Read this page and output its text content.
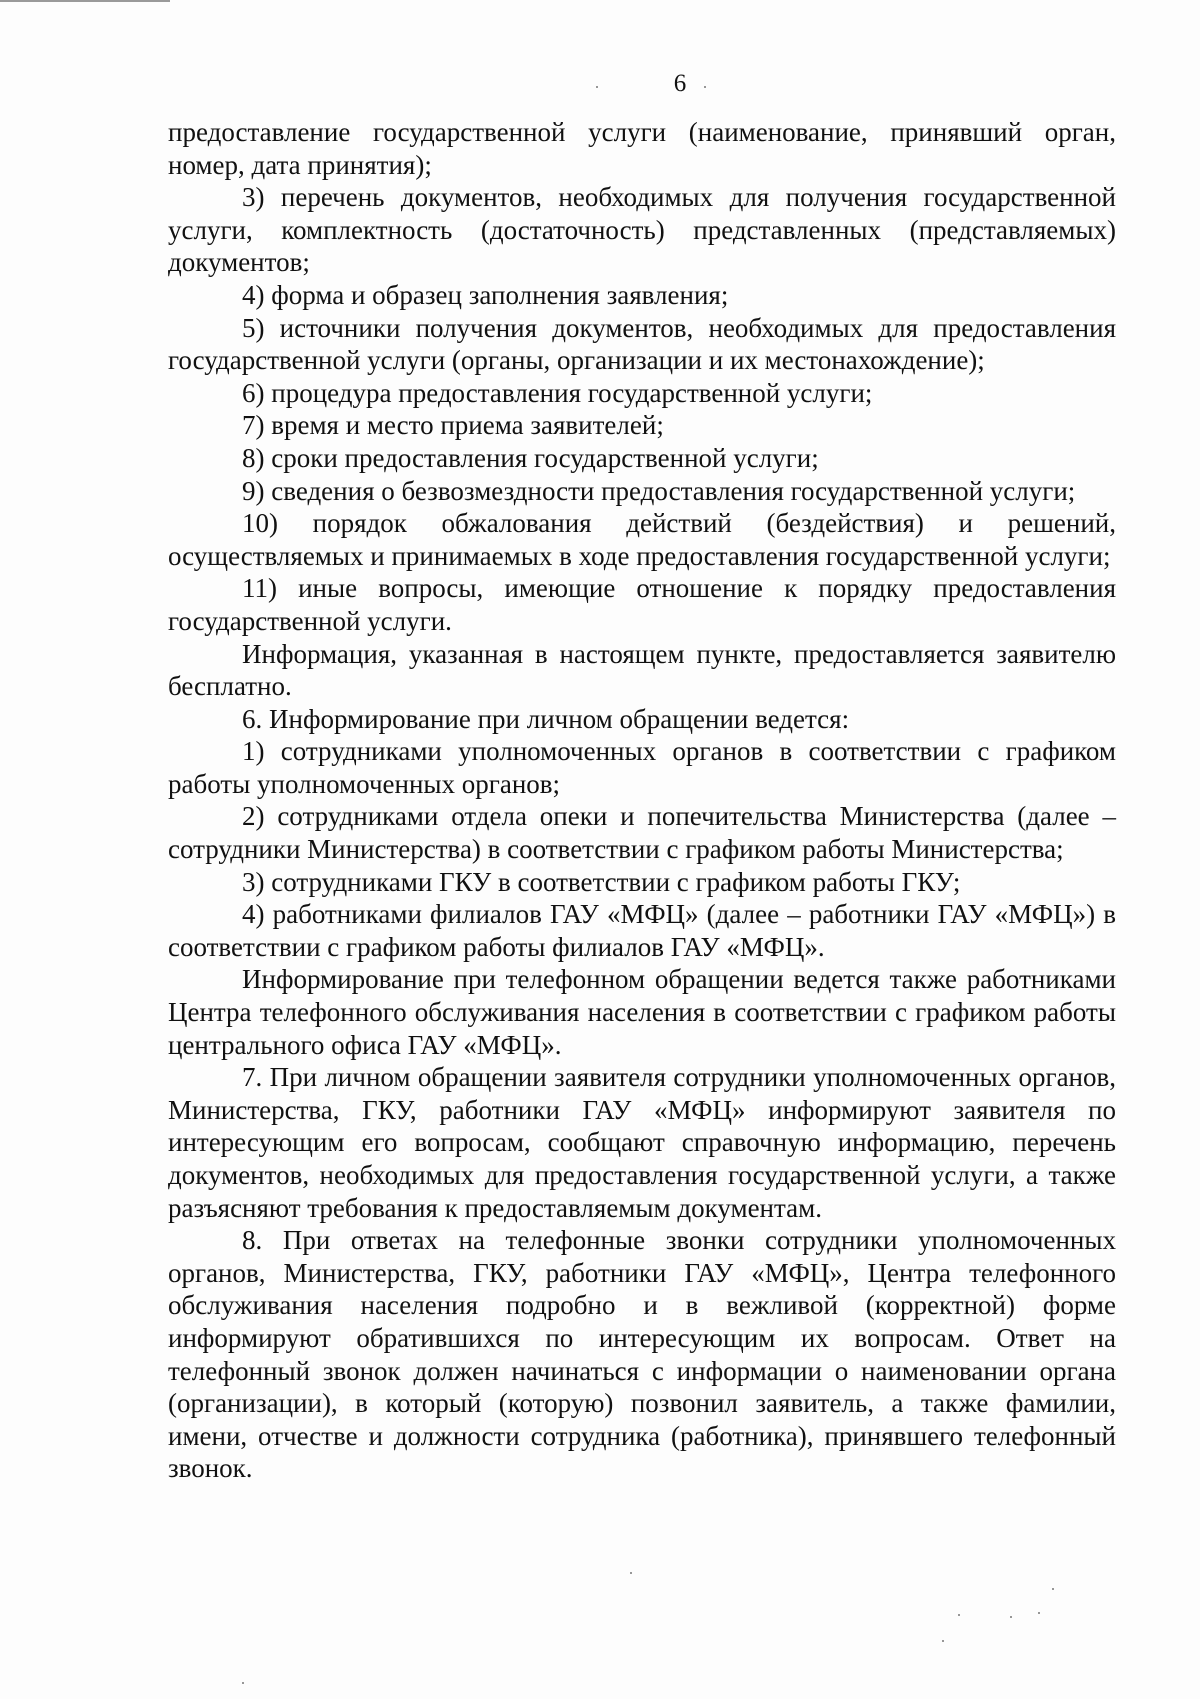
6

предоставление государственной услуги (наименование, принявший орган, номер, дата принятия);

3) перечень документов, необходимых для получения государственной услуги, комплектность (достаточность) представленных (представляемых) документов;

4) форма и образец заполнения заявления;

5) источники получения документов, необходимых для предоставления государственной услуги (органы, организации и их местонахождение);

6) процедура предоставления государственной услуги;

7) время и место приема заявителей;

8) сроки предоставления государственной услуги;

9) сведения о безвозмездности предоставления государственной услуги;

10) порядок обжалования действий (бездействия) и решений, осуществляемых и принимаемых в ходе предоставления государственной услуги;

11) иные вопросы, имеющие отношение к порядку предоставления государственной услуги.

Информация, указанная в настоящем пункте, предоставляется заявителю бесплатно.

6. Информирование при личном обращении ведется:

1) сотрудниками уполномоченных органов в соответствии с графиком работы уполномоченных органов;

2) сотрудниками отдела опеки и попечительства Министерства (далее – сотрудники Министерства) в соответствии с графиком работы Министерства;

3) сотрудниками ГКУ в соответствии с графиком работы ГКУ;

4) работниками филиалов ГАУ «МФЦ» (далее – работники ГАУ «МФЦ») в соответствии с графиком работы филиалов ГАУ «МФЦ».

Информирование при телефонном обращении ведется также работниками Центра телефонного обслуживания населения в соответствии с графиком работы центрального офиса ГАУ «МФЦ».

7. При личном обращении заявителя сотрудники уполномоченных органов, Министерства, ГКУ, работники ГАУ «МФЦ» информируют заявителя по интересующим его вопросам, сообщают справочную информацию, перечень документов, необходимых для предоставления государственной услуги, а также разъясняют требования к предоставляемым документам.

8. При ответах на телефонные звонки сотрудники уполномоченных органов, Министерства, ГКУ, работники ГАУ «МФЦ», Центра телефонного обслуживания населения подробно и в вежливой (корректной) форме информируют обратившихся по интересующим их вопросам. Ответ на телефонный звонок должен начинаться с информации о наименовании органа (организации), в который (которую) позвонил заявитель, а также фамилии, имени, отчестве и должности сотрудника (работника), принявшего телефонный звонок.
